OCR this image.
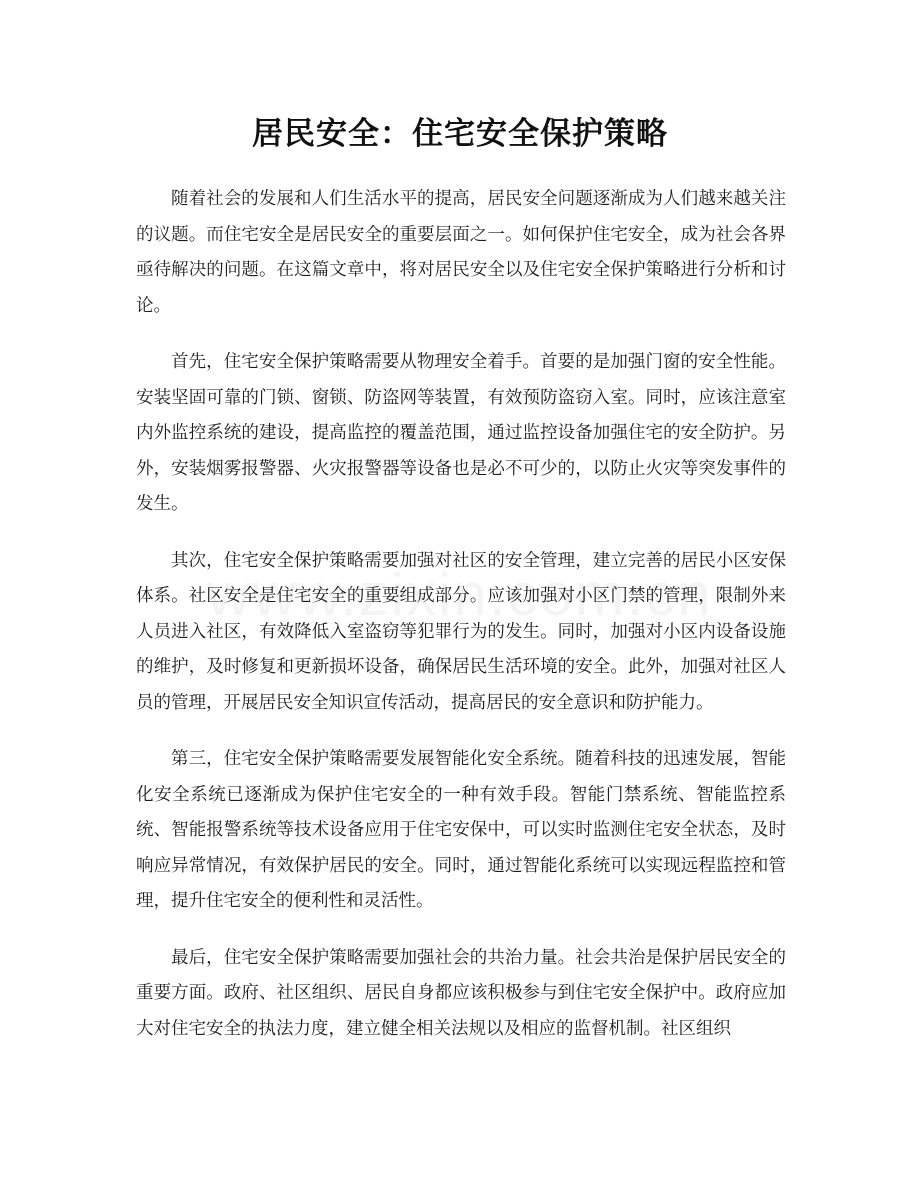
居民安全：住宅安全保护策略

随着社会的发展和人们生活水平的提高，居民安全问题逐渐成为人们越来越关注的议题。而住宅安全是居民安全的重要层面之一。如何保护住宅安全，成为社会各界亟待解决的问题。在这篇文章中，将对居民安全以及住宅安全保护策略进行分析和讨论。

首先，住宅安全保护策略需要从物理安全着手。首要的是加强门窗的安全性能。安装坚固可靠的门锁、窗锁、防盗网等装置，有效预防盗窃入室。同时，应该注意室内外监控系统的建设，提高监控的覆盖范围，通过监控设备加强住宅的安全防护。另外，安装烟雾报警器、火灾报警器等设备也是必不可少的，以防止火灾等突发事件的发生。

其次，住宅安全保护策略需要加强对社区的安全管理，建立完善的居民小区安保体系。社区安全是住宅安全的重要组成部分。应该加强对小区门禁的管理，限制外来人员进入社区，有效降低入室盗窃等犯罪行为的发生。同时，加强对小区内设备设施的维护，及时修复和更新损坏设备，确保居民生活环境的安全。此外，加强对社区人员的管理，开展居民安全知识宣传活动，提高居民的安全意识和防护能力。

第三，住宅安全保护策略需要发展智能化安全系统。随着科技的迅速发展，智能化安全系统已逐渐成为保护住宅安全的一种有效手段。智能门禁系统、智能监控系统、智能报警系统等技术设备应用于住宅安保中，可以实时监测住宅安全状态，及时响应异常情况，有效保护居民的安全。同时，通过智能化系统可以实现远程监控和管理，提升住宅安全的便利性和灵活性。

最后，住宅安全保护策略需要加强社会的共治力量。社会共治是保护居民安全的重要方面。政府、社区组织、居民自身都应该积极参与到住宅安全保护中。政府应加大对住宅安全的执法力度，建立健全相关法规以及相应的监督机制。社区组织
